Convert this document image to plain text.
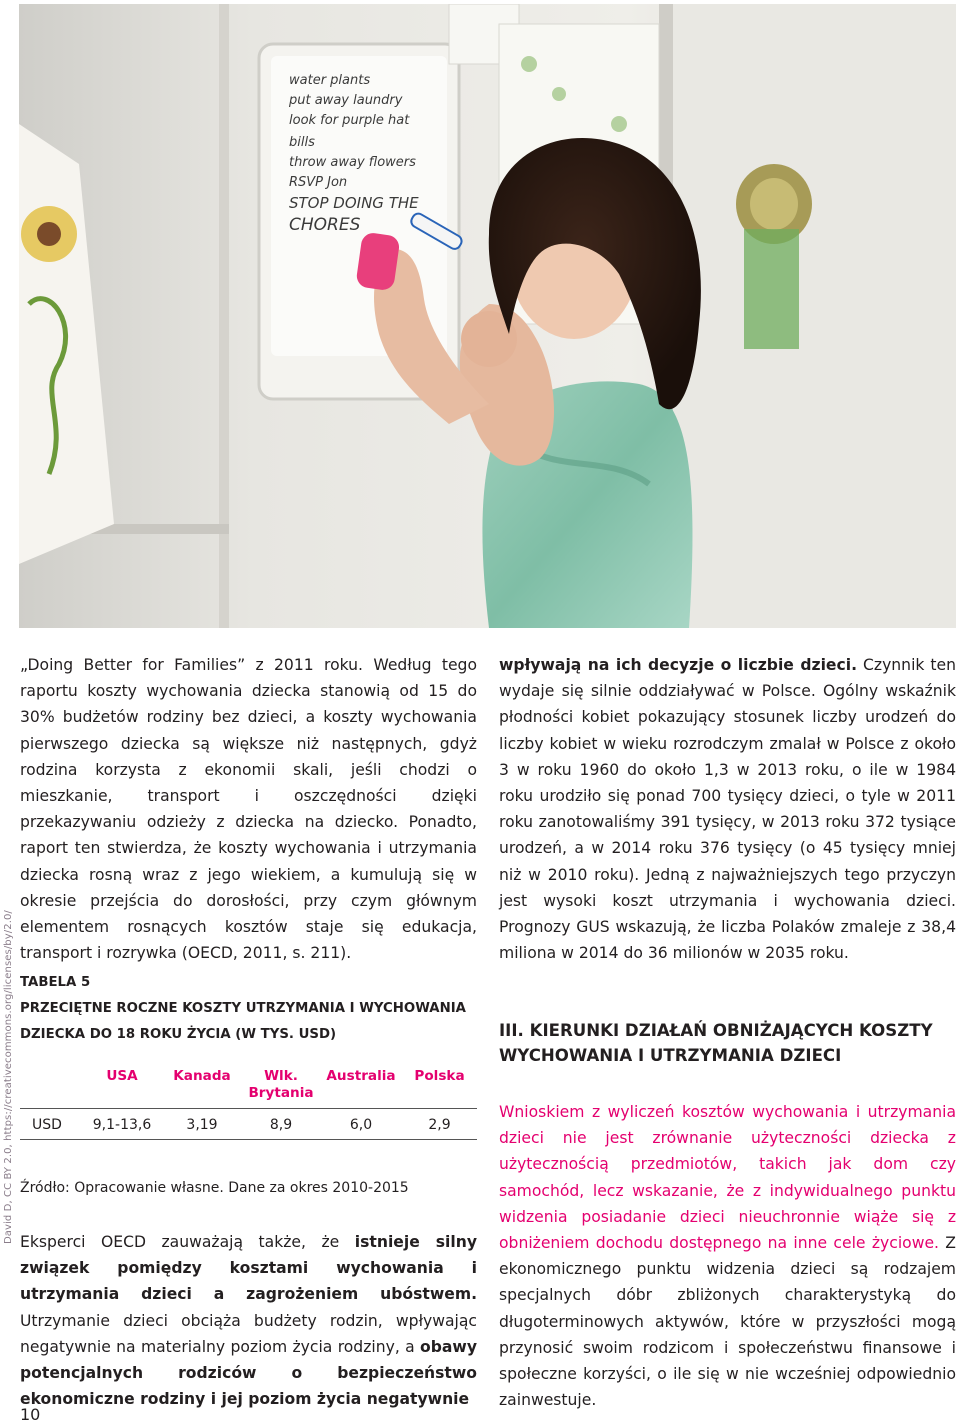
water plants
put away laundry
look for purple hat
bills
throw away flowers
RSVP Jon
STOP DOING THE
CHORES
David D, CC BY 2.0, https://creativecommons.org/licenses/by/2.0/

„Doing Better for Families” z 2011 roku. Według tego raportu koszty wychowania dziecka stanowią od 15 do 30% budżetów rodziny bez dzieci, a koszty wychowania pierwszego dziecka są większe niż następnych, gdyż rodzina korzysta z ekonomii skali, jeśli chodzi o mieszkanie, transport i oszczędności dzięki przekazywaniu odzieży z dziecka na dziecko. Ponadto, raport ten stwierdza, że koszty wychowania i utrzymania dziecka rosną wraz z jego wiekiem, a kumulują się w okresie przejścia do dorosłości, przy czym głównym elementem rosnących kosztów staje się edukacja, transport i rozrywka (OECD, 2011, s. 211).

TABELA 5
PRZECIĘTNE ROCZNE KOSZTY UTRZYMANIA I WYCHOWANIA
DZIECKA DO 18 ROKU ŻYCIA (W TYS. USD)
	USA	Kanada	Wlk. Brytania	Australia	Polska
USD	9,1-13,6	3,19	8,9	6,0	2,9
Źródło: Opracowanie własne. Dane za okres 2010-2015
Eksperci OECD zauważają także, że istnieje silny związek pomiędzy kosztami wychowania i utrzymania dzieci a zagrożeniem ubóstwem. Utrzymanie dzieci obciąża budżety rodzin, wpływając negatywnie na materialny poziom życia rodziny, a obawy potencjalnych rodziców o bezpieczeństwo ekonomiczne rodziny i jej poziom życia negatywnie

wpływają na ich decyzje o liczbie dzieci. Czynnik ten wydaje się silnie oddziaływać w Polsce. Ogólny wskaźnik płodności kobiet pokazujący stosunek liczby urodzeń do liczby kobiet w wieku rozrodczym zmalał w Polsce z około 3 w roku 1960 do około 1,3 w 2013 roku, o ile w 1984 roku urodziło się ponad 700 tysięcy dzieci, o tyle w 2011 roku zanotowaliśmy 391 tysięcy, w 2013 roku 372 tysiące urodzeń, a w 2014 roku 376 tysięcy (o 45 tysięcy mniej niż w 2010 roku). Jedną z najważniejszych tego przyczyn jest wysoki koszt utrzymania i wychowania dzieci. Prognozy GUS wskazują, że liczba Polaków zmaleje z 38,4 miliona w 2014 do 36 milionów w 2035 roku.

III. KIERUNKI DZIAŁAŃ OBNIŻAJĄCYCH KOSZTY
WYCHOWANIA I UTRZYMANIA DZIECI
Wnioskiem z wyliczeń kosztów wychowania i utrzymania dzieci nie jest zrównanie użyteczności dziecka z użytecznością przedmiotów, takich jak dom czy samochód, lecz wskazanie, że z indywidualnego punktu widzenia posiadanie dzieci nieuchronnie wiąże się z obniżeniem dochodu dostępnego na inne cele życiowe. Z ekonomicznego punktu widzenia dzieci są rodzajem specjalnych dóbr zbliżonych charakterystyką do długoterminowych aktywów, które w przyszłości mogą przynosić swoim rodzicom i społeczeństwu finansowe i społeczne korzyści, o ile się w nie wcześniej odpowiednio zainwestuje.
10
